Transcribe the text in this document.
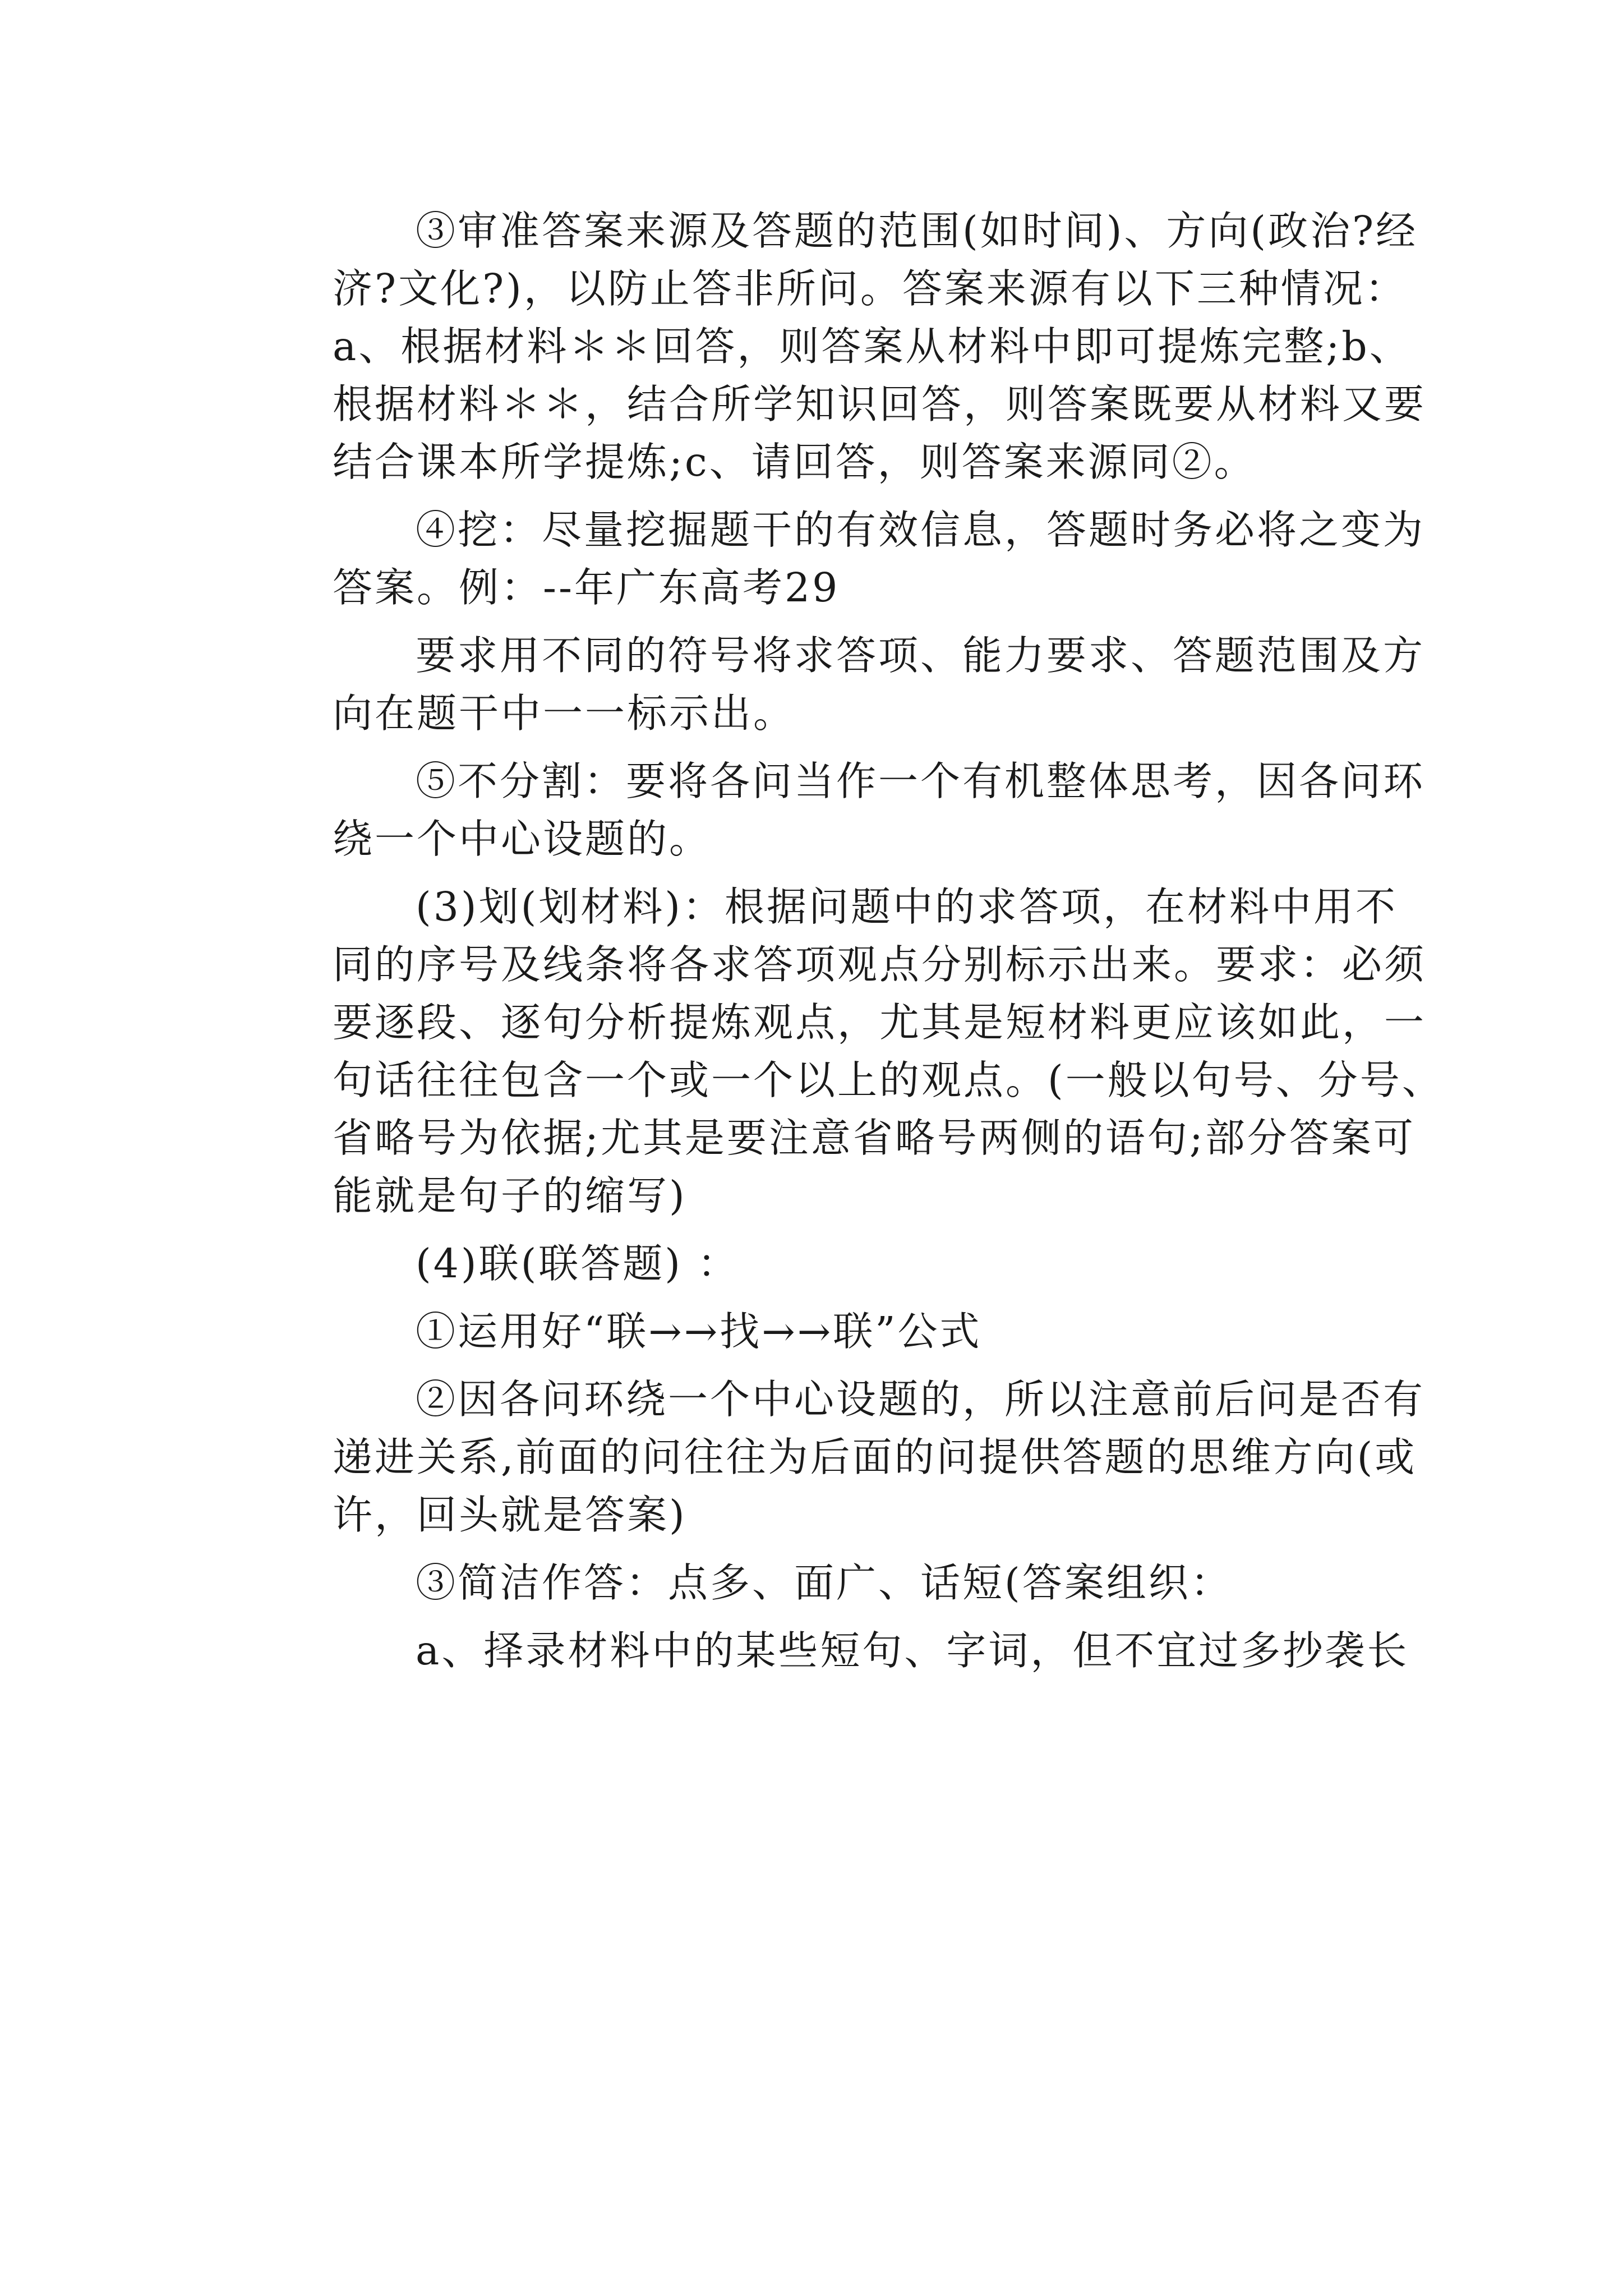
③审准答案来源及答题的范围(如时间)、方向(政治?经
济?文化?)，以防止答非所问。答案来源有以下三种情况：
a、根据材料＊＊回答，则答案从材料中即可提炼完整;b、
根据材料＊＊，结合所学知识回答，则答案既要从材料又要
结合课本所学提炼;c、请回答，则答案来源同②。

④挖：尽量挖掘题干的有效信息，答题时务必将之变为
答案。例：--年广东高考29

要求用不同的符号将求答项、能力要求、答题范围及方
向在题干中一一标示出。

⑤不分割：要将各问当作一个有机整体思考，因各问环
绕一个中心设题的。

(3)划(划材料)：根据问题中的求答项，在材料中用不
同的序号及线条将各求答项观点分别标示出来。要求：必须
要逐段、逐句分析提炼观点，尤其是短材料更应该如此，一
句话往往包含一个或一个以上的观点。(一般以句号、分号、
省略号为依据;尤其是要注意省略号两侧的语句;部分答案可
能就是句子的缩写)

(4)联(联答题) ：

①运用好“联→→找→→联”公式

②因各问环绕一个中心设题的，所以注意前后问是否有
递进关系,前面的问往往为后面的问提供答题的思维方向(或
许，回头就是答案)

③简洁作答：点多、面广、话短(答案组织：

a、择录材料中的某些短句、字词，但不宜过多抄袭长
